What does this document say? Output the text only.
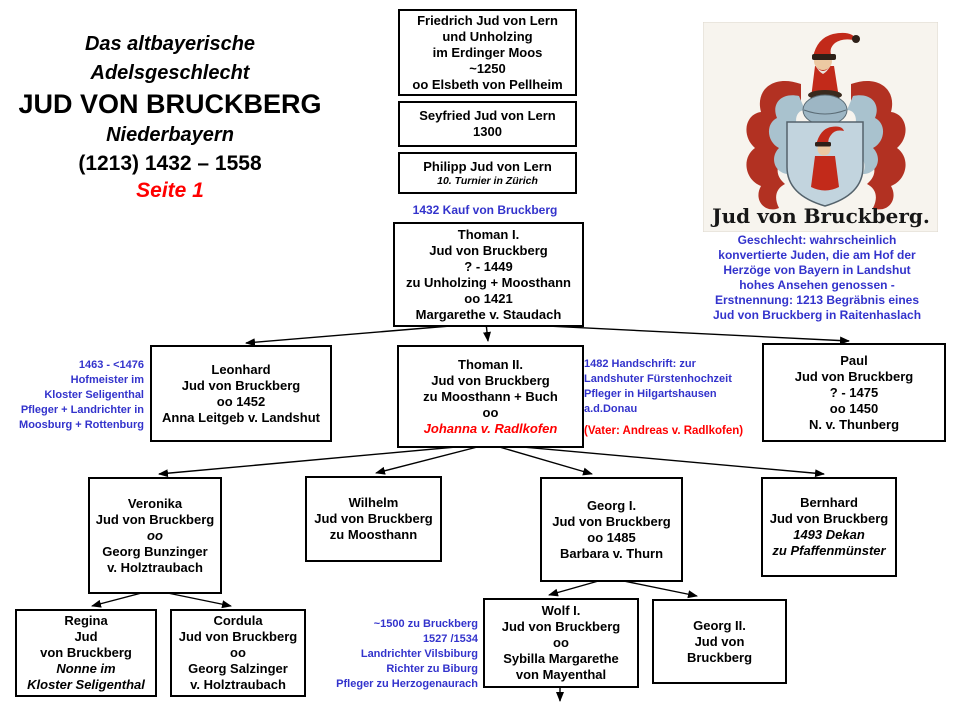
Das altbayerische
Adelsgeschlecht
JUD VON BRUCKBERG
Niederbayern
(1213) 1432 – 1558
Seite 1
Jud von Bruckberg.
Geschlecht: wahrscheinlich
konvertierte Juden, die am Hof der
Herzöge von Bayern in Landshut
hohes Ansehen genossen -
Erstnennung: 1213 Begräbnis eines
Jud von Bruckberg in Raitenhaslach
Friedrich Jud von Lern
und Unholzing
im Erdinger Moos
~1250
oo Elsbeth von Pellheim
Seyfried Jud von Lern
1300
Philipp Jud von Lern
10. Turnier in Zürich
1432 Kauf von Bruckberg
Thoman I.
Jud von Bruckberg
? - 1449
zu Unholzing + Moosthann
oo 1421
Margarethe v. Staudach
1463 - <1476
Hofmeister im
Kloster Seligenthal
Pfleger + Landrichter in
Moosburg + Rottenburg
Leonhard
Jud von Bruckberg
oo 1452
Anna Leitgeb v. Landshut
Thoman II.
Jud von Bruckberg
zu Moosthann + Buch
oo
Johanna v. Radlkofen
1482 Handschrift: zur
Landshuter Fürstenhochzeit
Pfleger in Hilgartshausen
a.d.Donau
(Vater: Andreas v. Radlkofen)
Paul
Jud von Bruckberg
? - 1475
oo 1450
N. v. Thunberg
Veronika
Jud von Bruckberg
oo
Georg Bunzinger
v. Holztraubach
Wilhelm
Jud von Bruckberg
zu Moosthann
Georg I.
Jud von Bruckberg
oo 1485
Barbara v. Thurn
Bernhard
Jud von Bruckberg
1493 Dekan
zu Pfaffenmünster
Regina
Jud
von Bruckberg
Nonne im
Kloster Seligenthal
Cordula
Jud von Bruckberg
oo
Georg Salzinger
v. Holztraubach
~1500 zu Bruckberg
1527 /1534
Landrichter Vilsbiburg
Richter zu Biburg
Pfleger zu Herzogenaurach
Wolf I.
Jud von Bruckberg
oo
Sybilla Margarethe
von Mayenthal
Georg II.
Jud von
Bruckberg
